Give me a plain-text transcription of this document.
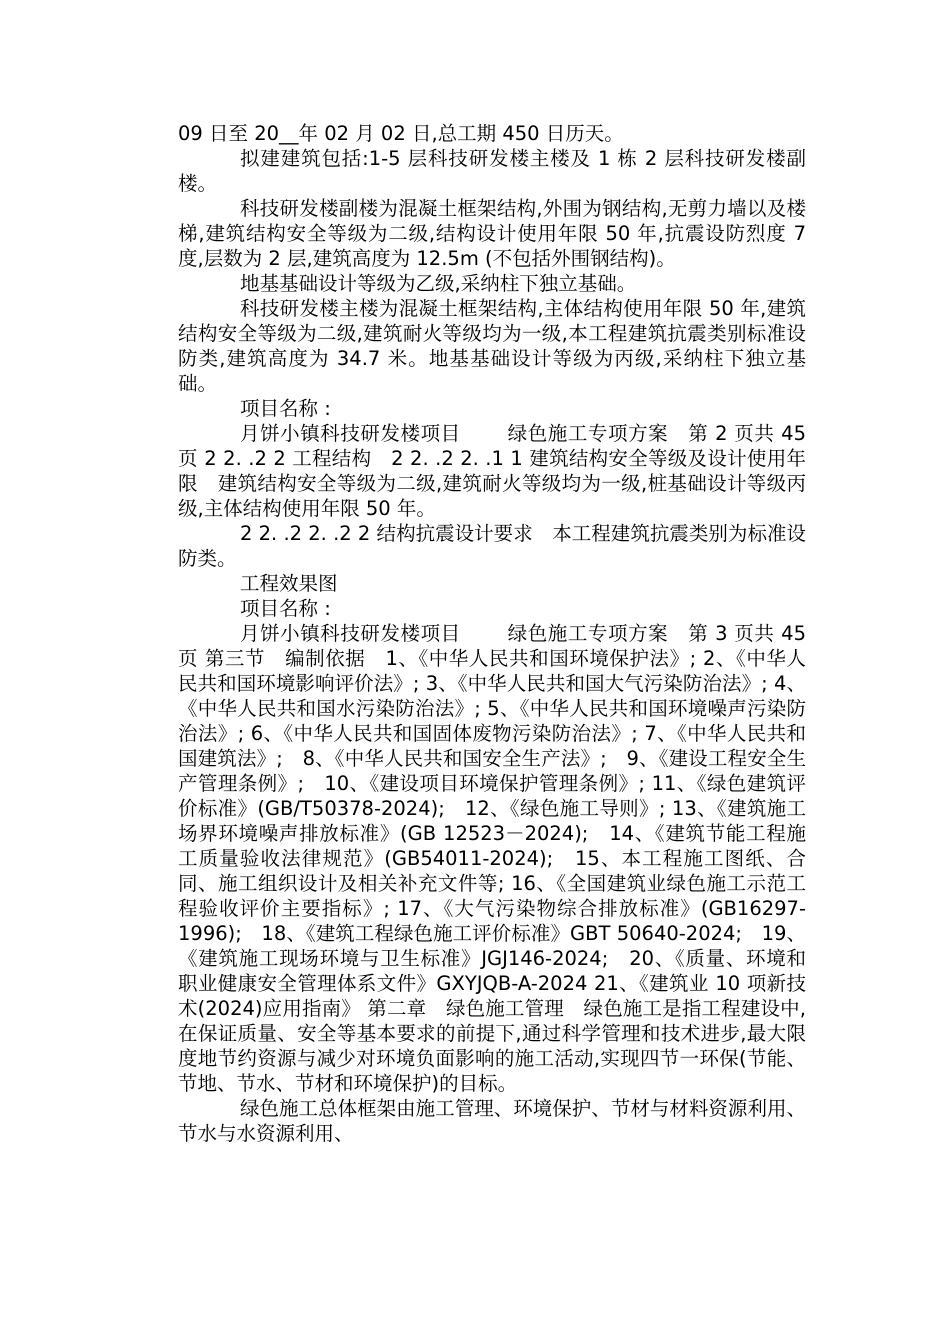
09 日至 20__年 02 月 02 日,总工期 450 日历天。

拟建建筑包括:1-5 层科技研发楼主楼及 1 栋 2 层科技研发楼副楼。

科技研发楼副楼为混凝土框架结构,外围为钢结构,无剪力墙以及楼梯,建筑结构安全等级为二级,结构设计使用年限 50 年,抗震设防烈度 7 度,层数为 2 层,建筑高度为 12.5m (不包括外围钢结构)。

地基基础设计等级为乙级,采纳柱下独立基础。

科技研发楼主楼为混凝土框架结构,主体结构使用年限 50 年,建筑结构安全等级为二级,建筑耐火等级均为一级,本工程建筑抗震类别标准设防类,建筑高度为 34.7 米。地基基础设计等级为丙级,采纳柱下独立基础。

项目名称 :

月饼小镇科技研发楼项目　　 绿色施工专项方案　第 2 页共 45 页 2 2. .2 2 工程结构　2 2. .2 2. .1 1 建筑结构安全等级及设计使用年限　建筑结构安全等级为二级,建筑耐火等级均为一级,桩基础设计等级丙级,主体结构使用年限 50 年。

2 2. .2 2. .2 2 结构抗震设计要求　本工程建筑抗震类别为标准设防类。

工程效果图

项目名称 :

月饼小镇科技研发楼项目　　 绿色施工专项方案　第 3 页共 45 页 第三节　编制依据　1、《中华人民共和国环境保护法》; 2、《中华人民共和国环境影响评价法》; 3、《中华人民共和国大气污染防治法》; 4、《中华人民共和国水污染防治法》; 5、《中华人民共和国环境噪声污染防治法》; 6、《中华人民共和国固体废物污染防治法》; 7、《中华人民共和国建筑法》;　8、《中华人民共和国安全生产法》;　9、《建设工程安全生产管理条例》;　10、《建设项目环境保护管理条例》; 11、《绿色建筑评价标准》(GB/T50378-2024);　12、《绿色施工导则》; 13、《建筑施工场界环境噪声排放标准》(GB 12523－2024);　14、《建筑节能工程施工质量验收法律规范》(GB54011-2024);　15、本工程施工图纸、合同、施工组织设计及相关补充文件等; 16、《全国建筑业绿色施工示范工程验收评价主要指标》; 17、《大气污染物综合排放标准》(GB16297-1996);　18、《建筑工程绿色施工评价标准》GBT 50640-2024;　19、《建筑施工现场环境与卫生标准》JGJ146-2024;　20、《质量、环境和职业健康安全管理体系文件》GXYJQB-A-2024 21、《建筑业 10 项新技术(2024)应用指南》 第二章　绿色施工管理　绿色施工是指工程建设中,在保证质量、安全等基本要求的前提下,通过科学管理和技术进步,最大限度地节约资源与减少对环境负面影响的施工活动,实现四节一环保(节能、节地、节水、节材和环境保护)的目标。

绿色施工总体框架由施工管理、环境保护、节材与材料资源利用、节水与水资源利用、
